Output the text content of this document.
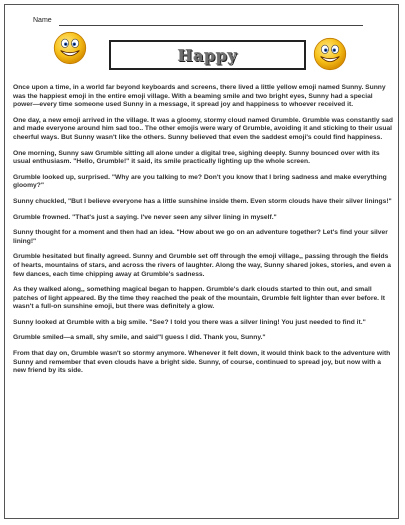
Name
Happy

Once upon a time, in a world far beyond keyboards and screens, there lived a little yellow emoji named Sunny. Sunny was the happiest emoji in the entire emoji village. With a beaming smile and two bright eyes, Sunny had a special power—every time someone used Sunny in a message, it spread joy and happiness to whoever received it.

One day, a new emoji arrived in the village. It was a gloomy, stormy cloud named Grumble. Grumble was constantly sad and made everyone around him sad too.. The other emojis were wary of Grumble, avoiding it and sticking to their usual cheerful ways. But Sunny wasn't like the others. Sunny believed that even the saddest emoji's could find happiness.

One morning, Sunny saw Grumble sitting all alone under a digital tree, sighing deeply. Sunny bounced over with its usual enthusiasm. "Hello, Grumble!" it said, its smile practically lighting up the whole screen.

Grumble looked up, surprised. "Why are you talking to me? Don't you know that I bring sadness and make everything gloomy?"

Sunny chuckled, "But I believe everyone has a little sunshine inside them. Even storm clouds have their silver linings!"

Grumble frowned. "That's just a saying. I've never seen any silver lining in myself."

Sunny thought for a moment and then had an idea. "How about we go on an adventure together? Let's find your silver lining!"

Grumble hesitated but finally agreed. Sunny and Grumble set off through the emoji village,, passing through the fields of hearts, mountains of stars, and across the rivers of laughter. Along the way, Sunny shared jokes, stories, and even a few dances, each time chipping away at Grumble's sadness.

As they walked along,, something magical began to happen. Grumble's dark clouds started to thin out, and small patches of light appeared. By the time they reached the peak of the mountain, Grumble felt lighter than ever before. It wasn't a full-on sunshine emoji, but there was definitely a glow.

Sunny looked at Grumble with a big smile. "See? I told you there was a silver lining! You just needed to find it."

Grumble smiled—a small, shy smile, and said"I guess I did. Thank you, Sunny."

From that day on, Grumble wasn't so stormy anymore. Whenever it felt down, it would think back to the adventure with Sunny and remember that even clouds have a bright side. Sunny, of course, continued to spread joy, but now with a new friend by its side.
